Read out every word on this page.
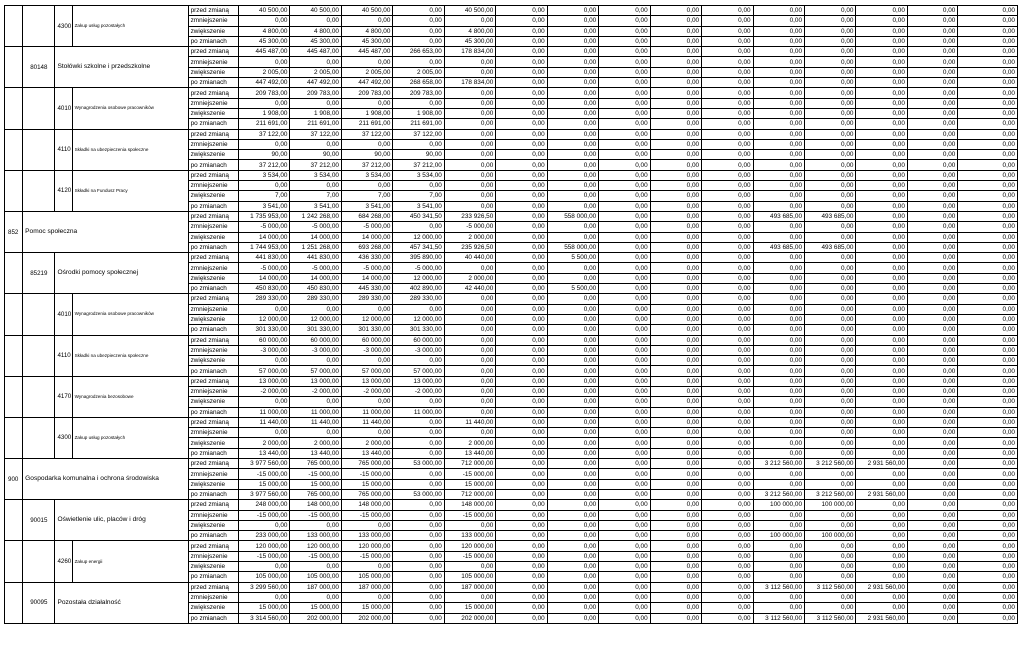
		4300	Zakup usług pozostałych	przed zmianą	40 500,00	40 500,00	40 500,00	0,00	40 500,00	0,00	0,00	0,00	0,00	0,00	0,00	0,00	0,00	0,00	0,00
				zmniejszenie	0,00	0,00	0,00	0,00	0,00	0,00	0,00	0,00	0,00	0,00	0,00	0,00	0,00	0,00	0,00
				zwiększenie	4 800,00	4 800,00	4 800,00	0,00	4 800,00	0,00	0,00	0,00	0,00	0,00	0,00	0,00	0,00	0,00	0,00
				po zmianach	45 300,00	45 300,00	45 300,00	0,00	45 300,00	0,00	0,00	0,00	0,00	0,00	0,00	0,00	0,00	0,00	0,00
	80148	Stołówki szkolne i przedszkolne		przed zmianą	445 487,00	445 487,00	445 487,00	266 653,00	178 834,00	0,00	0,00	0,00	0,00	0,00	0,00	0,00	0,00	0,00	0,00
				zmniejszenie	0,00	0,00	0,00	0,00	0,00	0,00	0,00	0,00	0,00	0,00	0,00	0,00	0,00	0,00	0,00
				zwiększenie	2 005,00	2 005,00	2 005,00	2 005,00	0,00	0,00	0,00	0,00	0,00	0,00	0,00	0,00	0,00	0,00	0,00
				po zmianach	447 492,00	447 492,00	447 492,00	268 658,00	178 834,00	0,00	0,00	0,00	0,00	0,00	0,00	0,00	0,00	0,00	0,00
		4010	Wynagrodzenia osobowe pracowników	przed zmianą	209 783,00	209 783,00	209 783,00	209 783,00	0,00	0,00	0,00	0,00	0,00	0,00	0,00	0,00	0,00	0,00	0,00
				zmniejszenie	0,00	0,00	0,00	0,00	0,00	0,00	0,00	0,00	0,00	0,00	0,00	0,00	0,00	0,00	0,00
				zwiększenie	1 908,00	1 908,00	1 908,00	1 908,00	0,00	0,00	0,00	0,00	0,00	0,00	0,00	0,00	0,00	0,00	0,00
				po zmianach	211 691,00	211 691,00	211 691,00	211 691,00	0,00	0,00	0,00	0,00	0,00	0,00	0,00	0,00	0,00	0,00	0,00
		4110	Składki na ubezpieczenia społeczne	przed zmianą	37 122,00	37 122,00	37 122,00	37 122,00	0,00	0,00	0,00	0,00	0,00	0,00	0,00	0,00	0,00	0,00	0,00
				zmniejszenie	0,00	0,00	0,00	0,00	0,00	0,00	0,00	0,00	0,00	0,00	0,00	0,00	0,00	0,00	0,00
				zwiększenie	90,00	90,00	90,00	90,00	0,00	0,00	0,00	0,00	0,00	0,00	0,00	0,00	0,00	0,00	0,00
				po zmianach	37 212,00	37 212,00	37 212,00	37 212,00	0,00	0,00	0,00	0,00	0,00	0,00	0,00	0,00	0,00	0,00	0,00
		4120	Składki na Fundusz Pracy	przed zmianą	3 534,00	3 534,00	3 534,00	3 534,00	0,00	0,00	0,00	0,00	0,00	0,00	0,00	0,00	0,00	0,00	0,00
				zmniejszenie	0,00	0,00	0,00	0,00	0,00	0,00	0,00	0,00	0,00	0,00	0,00	0,00	0,00	0,00	0,00
				zwiększenie	7,00	7,00	7,00	7,00	0,00	0,00	0,00	0,00	0,00	0,00	0,00	0,00	0,00	0,00	0,00
				po zmianach	3 541,00	3 541,00	3 541,00	3 541,00	0,00	0,00	0,00	0,00	0,00	0,00	0,00	0,00	0,00	0,00	0,00
852	Pomoc społeczna			przed zmianą	1 735 953,00	1 242 268,00	684 268,00	450 341,50	233 926,50	0,00	558 000,00	0,00	0,00	0,00	493 685,00	493 685,00	0,00	0,00	0,00
				zmniejszenie	-5 000,00	-5 000,00	-5 000,00	0,00	-5 000,00	0,00	0,00	0,00	0,00	0,00	0,00	0,00	0,00	0,00	0,00
				zwiększenie	14 000,00	14 000,00	14 000,00	12 000,00	2 000,00	0,00	0,00	0,00	0,00	0,00	0,00	0,00	0,00	0,00	0,00
				po zmianach	1 744 953,00	1 251 268,00	693 268,00	457 341,50	235 926,50	0,00	558 000,00	0,00	0,00	0,00	493 685,00	493 685,00	0,00	0,00	0,00
	85219	Ośrodki pomocy społecznej		przed zmianą	441 830,00	441 830,00	436 330,00	395 890,00	40 440,00	0,00	5 500,00	0,00	0,00	0,00	0,00	0,00	0,00	0,00	0,00
				zmniejszenie	-5 000,00	-5 000,00	-5 000,00	-5 000,00	0,00	0,00	0,00	0,00	0,00	0,00	0,00	0,00	0,00	0,00	0,00
				zwiększenie	14 000,00	14 000,00	14 000,00	12 000,00	2 000,00	0,00	0,00	0,00	0,00	0,00	0,00	0,00	0,00	0,00	0,00
				po zmianach	450 830,00	450 830,00	445 330,00	402 890,00	42 440,00	0,00	5 500,00	0,00	0,00	0,00	0,00	0,00	0,00	0,00	0,00
		4010	Wynagrodzenia osobowe pracowników	przed zmianą	289 330,00	289 330,00	289 330,00	289 330,00	0,00	0,00	0,00	0,00	0,00	0,00	0,00	0,00	0,00	0,00	0,00
				zmniejszenie	0,00	0,00	0,00	0,00	0,00	0,00	0,00	0,00	0,00	0,00	0,00	0,00	0,00	0,00	0,00
				zwiększenie	12 000,00	12 000,00	12 000,00	12 000,00	0,00	0,00	0,00	0,00	0,00	0,00	0,00	0,00	0,00	0,00	0,00
				po zmianach	301 330,00	301 330,00	301 330,00	301 330,00	0,00	0,00	0,00	0,00	0,00	0,00	0,00	0,00	0,00	0,00	0,00
		4110	Składki na ubezpieczenia społeczne	przed zmianą	60 000,00	60 000,00	60 000,00	60 000,00	0,00	0,00	0,00	0,00	0,00	0,00	0,00	0,00	0,00	0,00	0,00
				zmniejszenie	-3 000,00	-3 000,00	-3 000,00	-3 000,00	0,00	0,00	0,00	0,00	0,00	0,00	0,00	0,00	0,00	0,00	0,00
				zwiększenie	0,00	0,00	0,00	0,00	0,00	0,00	0,00	0,00	0,00	0,00	0,00	0,00	0,00	0,00	0,00
				po zmianach	57 000,00	57 000,00	57 000,00	57 000,00	0,00	0,00	0,00	0,00	0,00	0,00	0,00	0,00	0,00	0,00	0,00
		4170	Wynagrodzenia bezosobowe	przed zmianą	13 000,00	13 000,00	13 000,00	13 000,00	0,00	0,00	0,00	0,00	0,00	0,00	0,00	0,00	0,00	0,00	0,00
				zmniejszenie	-2 000,00	-2 000,00	-2 000,00	-2 000,00	0,00	0,00	0,00	0,00	0,00	0,00	0,00	0,00	0,00	0,00	0,00
				zwiększenie	0,00	0,00	0,00	0,00	0,00	0,00	0,00	0,00	0,00	0,00	0,00	0,00	0,00	0,00	0,00
				po zmianach	11 000,00	11 000,00	11 000,00	11 000,00	0,00	0,00	0,00	0,00	0,00	0,00	0,00	0,00	0,00	0,00	0,00
		4300	Zakup usług pozostałych	przed zmianą	11 440,00	11 440,00	11 440,00	0,00	11 440,00	0,00	0,00	0,00	0,00	0,00	0,00	0,00	0,00	0,00	0,00
				zmniejszenie	0,00	0,00	0,00	0,00	0,00	0,00	0,00	0,00	0,00	0,00	0,00	0,00	0,00	0,00	0,00
				zwiększenie	2 000,00	2 000,00	2 000,00	0,00	2 000,00	0,00	0,00	0,00	0,00	0,00	0,00	0,00	0,00	0,00	0,00
				po zmianach	13 440,00	13 440,00	13 440,00	0,00	13 440,00	0,00	0,00	0,00	0,00	0,00	0,00	0,00	0,00	0,00	0,00
900	Gospodarka komunalna i ochrona środowiska			przed zmianą	3 977 560,00	765 000,00	765 000,00	53 000,00	712 000,00	0,00	0,00	0,00	0,00	0,00	3 212 560,00	3 212 560,00	2 931 560,00	0,00	0,00
				zmniejszenie	-15 000,00	-15 000,00	-15 000,00	0,00	-15 000,00	0,00	0,00	0,00	0,00	0,00	0,00	0,00	0,00	0,00	0,00
				zwiększenie	15 000,00	15 000,00	15 000,00	0,00	15 000,00	0,00	0,00	0,00	0,00	0,00	0,00	0,00	0,00	0,00	0,00
				po zmianach	3 977 560,00	765 000,00	765 000,00	53 000,00	712 000,00	0,00	0,00	0,00	0,00	0,00	3 212 560,00	3 212 560,00	2 931 560,00	0,00	0,00
	90015	Oświetlenie ulic, placów i dróg		przed zmianą	248 000,00	148 000,00	148 000,00	0,00	148 000,00	0,00	0,00	0,00	0,00	0,00	100 000,00	100 000,00	0,00	0,00	0,00
				zmniejszenie	-15 000,00	-15 000,00	-15 000,00	0,00	-15 000,00	0,00	0,00	0,00	0,00	0,00	0,00	0,00	0,00	0,00	0,00
				zwiększenie	0,00	0,00	0,00	0,00	0,00	0,00	0,00	0,00	0,00	0,00	0,00	0,00	0,00	0,00	0,00
				po zmianach	233 000,00	133 000,00	133 000,00	0,00	133 000,00	0,00	0,00	0,00	0,00	0,00	100 000,00	100 000,00	0,00	0,00	0,00
		4260	Zakup energii	przed zmianą	120 000,00	120 000,00	120 000,00	0,00	120 000,00	0,00	0,00	0,00	0,00	0,00	0,00	0,00	0,00	0,00	0,00
				zmniejszenie	-15 000,00	-15 000,00	-15 000,00	0,00	-15 000,00	0,00	0,00	0,00	0,00	0,00	0,00	0,00	0,00	0,00	0,00
				zwiększenie	0,00	0,00	0,00	0,00	0,00	0,00	0,00	0,00	0,00	0,00	0,00	0,00	0,00	0,00	0,00
				po zmianach	105 000,00	105 000,00	105 000,00	0,00	105 000,00	0,00	0,00	0,00	0,00	0,00	0,00	0,00	0,00	0,00	0,00
	90095	Pozostała działalność		przed zmianą	3 299 560,00	187 000,00	187 000,00	0,00	187 000,00	0,00	0,00	0,00	0,00	0,00	3 112 560,00	3 112 560,00	2 931 560,00	0,00	0,00
				zmniejszenie	0,00	0,00	0,00	0,00	0,00	0,00	0,00	0,00	0,00	0,00	0,00	0,00	0,00	0,00	0,00
				zwiększenie	15 000,00	15 000,00	15 000,00	0,00	15 000,00	0,00	0,00	0,00	0,00	0,00	0,00	0,00	0,00	0,00	0,00
				po zmianach	3 314 560,00	202 000,00	202 000,00	0,00	202 000,00	0,00	0,00	0,00	0,00	0,00	3 112 560,00	3 112 560,00	2 931 560,00	0,00	0,00
